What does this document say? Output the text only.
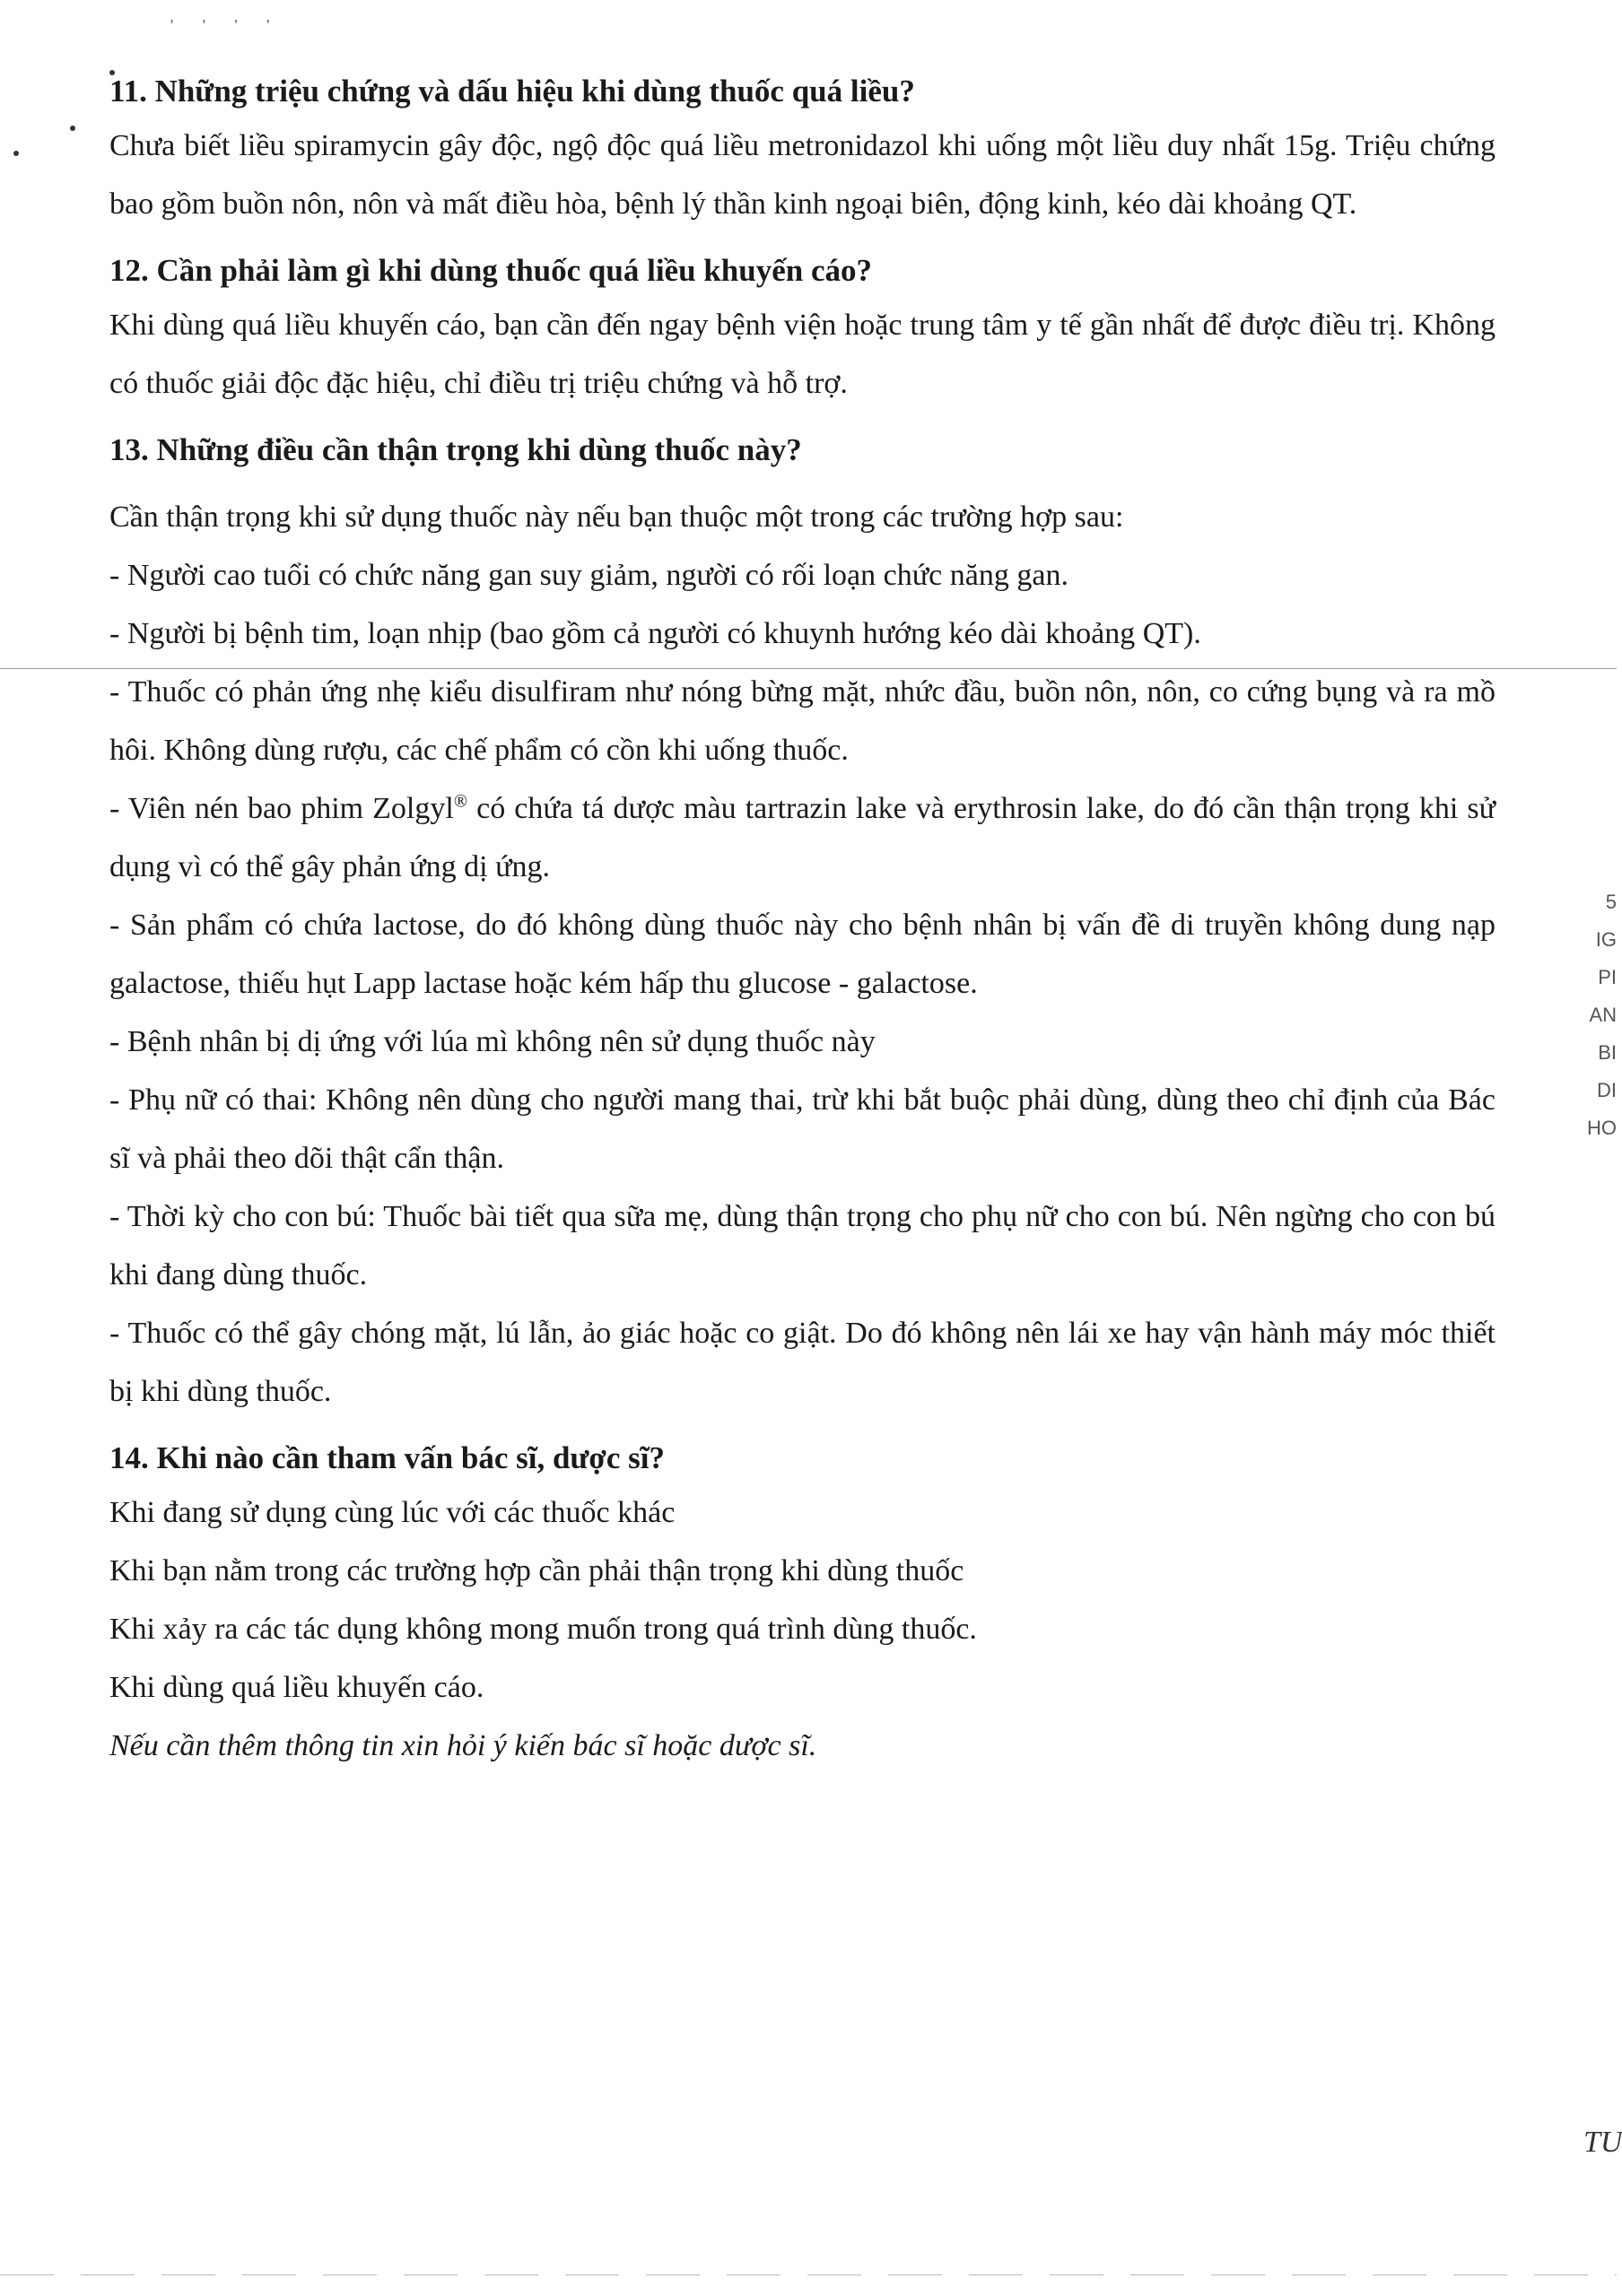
' ' ' '

11. Những triệu chứng và dấu hiệu khi dùng thuốc quá liều?

Chưa biết liều spiramycin gây độc, ngộ độc quá liều metronidazol khi uống một liều duy nhất 15g. Triệu chứng bao gồm buồn nôn, nôn và mất điều hòa, bệnh lý thần kinh ngoại biên, động kinh, kéo dài khoảng QT.

12. Cần phải làm gì khi dùng thuốc quá liều khuyến cáo?

Khi dùng quá liều khuyến cáo, bạn cần đến ngay bệnh viện hoặc trung tâm y tế gần nhất để được điều trị. Không có thuốc giải độc đặc hiệu, chỉ điều trị triệu chứng và hỗ trợ.

13. Những điều cần thận trọng khi dùng thuốc này?

Cần thận trọng khi sử dụng thuốc này nếu bạn thuộc một trong các trường hợp sau:

- Người cao tuổi có chức năng gan suy giảm, người có rối loạn chức năng gan.

- Người bị bệnh tim, loạn nhịp (bao gồm cả người có khuynh hướng kéo dài khoảng QT).

- Thuốc có phản ứng nhẹ kiểu disulfiram như nóng bừng mặt, nhức đầu, buồn nôn, nôn, co cứng bụng và ra mồ hôi. Không dùng rượu, các chế phẩm có cồn khi uống thuốc.

- Viên nén bao phim Zolgyl® có chứa tá dược màu tartrazin lake và erythrosin lake, do đó cần thận trọng khi sử dụng vì có thể gây phản ứng dị ứng.

- Sản phẩm có chứa lactose, do đó không dùng thuốc này cho bệnh nhân bị vấn đề di truyền không dung nạp galactose, thiếu hụt Lapp lactase hoặc kém hấp thu glucose - galactose.

- Bệnh nhân bị dị ứng với lúa mì không nên sử dụng thuốc này

- Phụ nữ có thai: Không nên dùng cho người mang thai, trừ khi bắt buộc phải dùng, dùng theo chỉ định của Bác sĩ và phải theo dõi thật cẩn thận.

- Thời kỳ cho con bú: Thuốc bài tiết qua sữa mẹ, dùng thận trọng cho phụ nữ cho con bú. Nên ngừng cho con bú khi đang dùng thuốc.

- Thuốc có thể gây chóng mặt, lú lẫn, ảo giác hoặc co giật. Do đó không nên lái xe hay vận hành máy móc thiết bị khi dùng thuốc.

14. Khi nào cần tham vấn bác sĩ, dược sĩ?

Khi đang sử dụng cùng lúc với các thuốc khác

Khi bạn nằm trong các trường hợp cần phải thận trọng khi dùng thuốc

Khi xảy ra các tác dụng không mong muốn trong quá trình dùng thuốc.

Khi dùng quá liều khuyến cáo.

Nếu cần thêm thông tin xin hỏi ý kiến bác sĩ hoặc dược sĩ.

5
IG
PI
AN
BI
DI
HO
TU
